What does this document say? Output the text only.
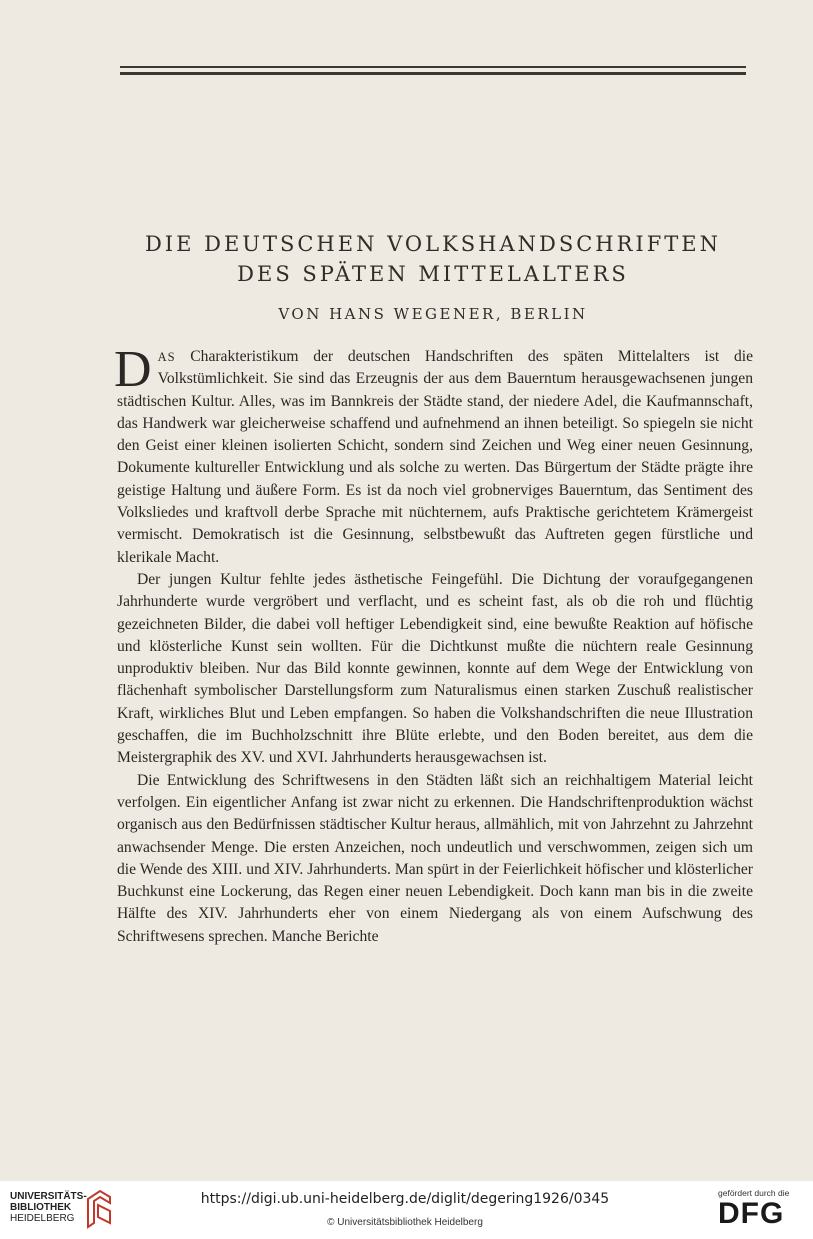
DIE DEUTSCHEN VOLKSHANDSCHRIFTEN
DES SPÄTEN MITTELALTERS
VON HANS WEGENER, BERLIN

DAS Charakteristikum der deutschen Handschriften des späten Mittelalters ist die Volkstümlichkeit. Sie sind das Erzeugnis der aus dem Bauerntum herausgewachsenen jungen städtischen Kultur. Alles, was im Bannkreis der Städte stand, der niedere Adel, die Kaufmannschaft, das Handwerk war gleicherweise schaffend und aufnehmend an ihnen beteiligt. So spiegeln sie nicht den Geist einer kleinen isolierten Schicht, sondern sind Zeichen und Weg einer neuen Gesinnung, Dokumente kultureller Entwicklung und als solche zu werten. Das Bürgertum der Städte prägte ihre geistige Haltung und äußere Form. Es ist da noch viel grobnerviges Bauerntum, das Sentiment des Volksliedes und kraftvoll derbe Sprache mit nüchternem, aufs Praktische gerichtetem Krämergeist vermischt. Demokratisch ist die Gesinnung, selbstbewußt das Auftreten gegen fürstliche und klerikale Macht.

Der jungen Kultur fehlte jedes ästhetische Feingefühl. Die Dichtung der voraufgegangenen Jahrhunderte wurde vergröbert und verflacht, und es scheint fast, als ob die roh und flüchtig gezeichneten Bilder, die dabei voll heftiger Lebendigkeit sind, eine bewußte Reaktion auf höfische und klösterliche Kunst sein wollten. Für die Dichtkunst mußte die nüchtern reale Gesinnung unproduktiv bleiben. Nur das Bild konnte gewinnen, konnte auf dem Wege der Entwicklung von flächenhaft symbolischer Darstellungsform zum Naturalismus einen starken Zuschuß realistischer Kraft, wirkliches Blut und Leben empfangen. So haben die Volkshandschriften die neue Illustration geschaffen, die im Buchholzschnitt ihre Blüte erlebte, und den Boden bereitet, aus dem die Meistergraphik des XV. und XVI. Jahrhunderts herausgewachsen ist.

Die Entwicklung des Schriftwesens in den Städten läßt sich an reichhaltigem Material leicht verfolgen. Ein eigentlicher Anfang ist zwar nicht zu erkennen. Die Handschriftenproduktion wächst organisch aus den Bedürfnissen städtischer Kultur heraus, allmählich, mit von Jahrzehnt zu Jahrzehnt anwachsender Menge. Die ersten Anzeichen, noch undeutlich und verschwommen, zeigen sich um die Wende des XIII. und XIV. Jahrhunderts. Man spürt in der Feierlichkeit höfischer und klösterlicher Buchkunst eine Lockerung, das Regen einer neuen Lebendigkeit. Doch kann man bis in die zweite Hälfte des XIV. Jahrhunderts eher von einem Niedergang als von einem Aufschwung des Schriftwesens sprechen. Manche Berichte

UNIVERSITÄTS-
BIBLIOTHEK
HEIDELBERG
https://digi.ub.uni-heidelberg.de/diglit/degering1926/0345
© Universitätsbibliothek Heidelberg
gefördert durch die
DFG
